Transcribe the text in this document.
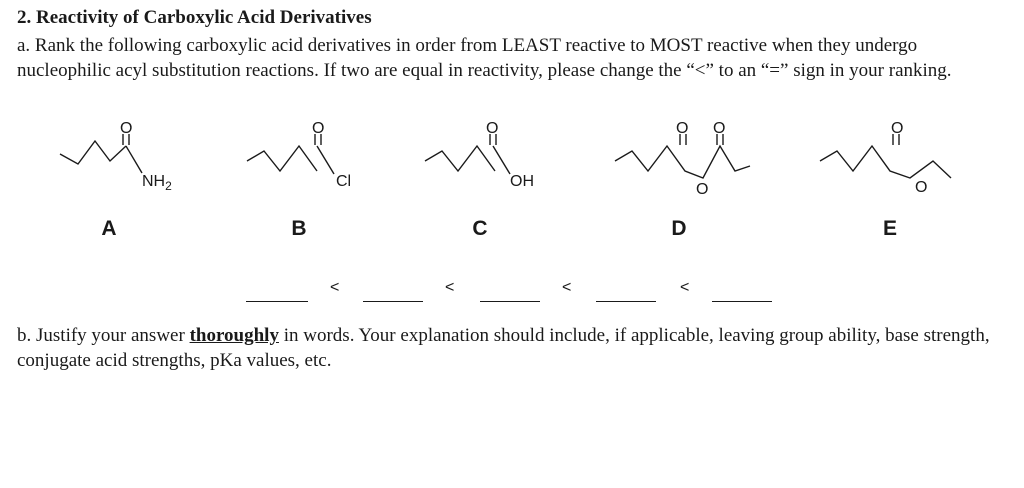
2. Reactivity of Carboxylic Acid Derivatives
a. Rank the following carboxylic acid derivatives in order from LEAST reactive to MOST reactive when they undergo nucleophilic acyl substitution reactions. If two are equal in reactivity, please change the “<” to an “=” sign in your ranking.
O
$NH_2$
O
Cl
O
OH
O O
O
O
O
A	B	C	D	E
<	<	<	<
b. Justify your answer thoroughly in words. Your explanation should include, if applicable, leaving group ability, base strength, conjugate acid strengths, pKa values, etc.
